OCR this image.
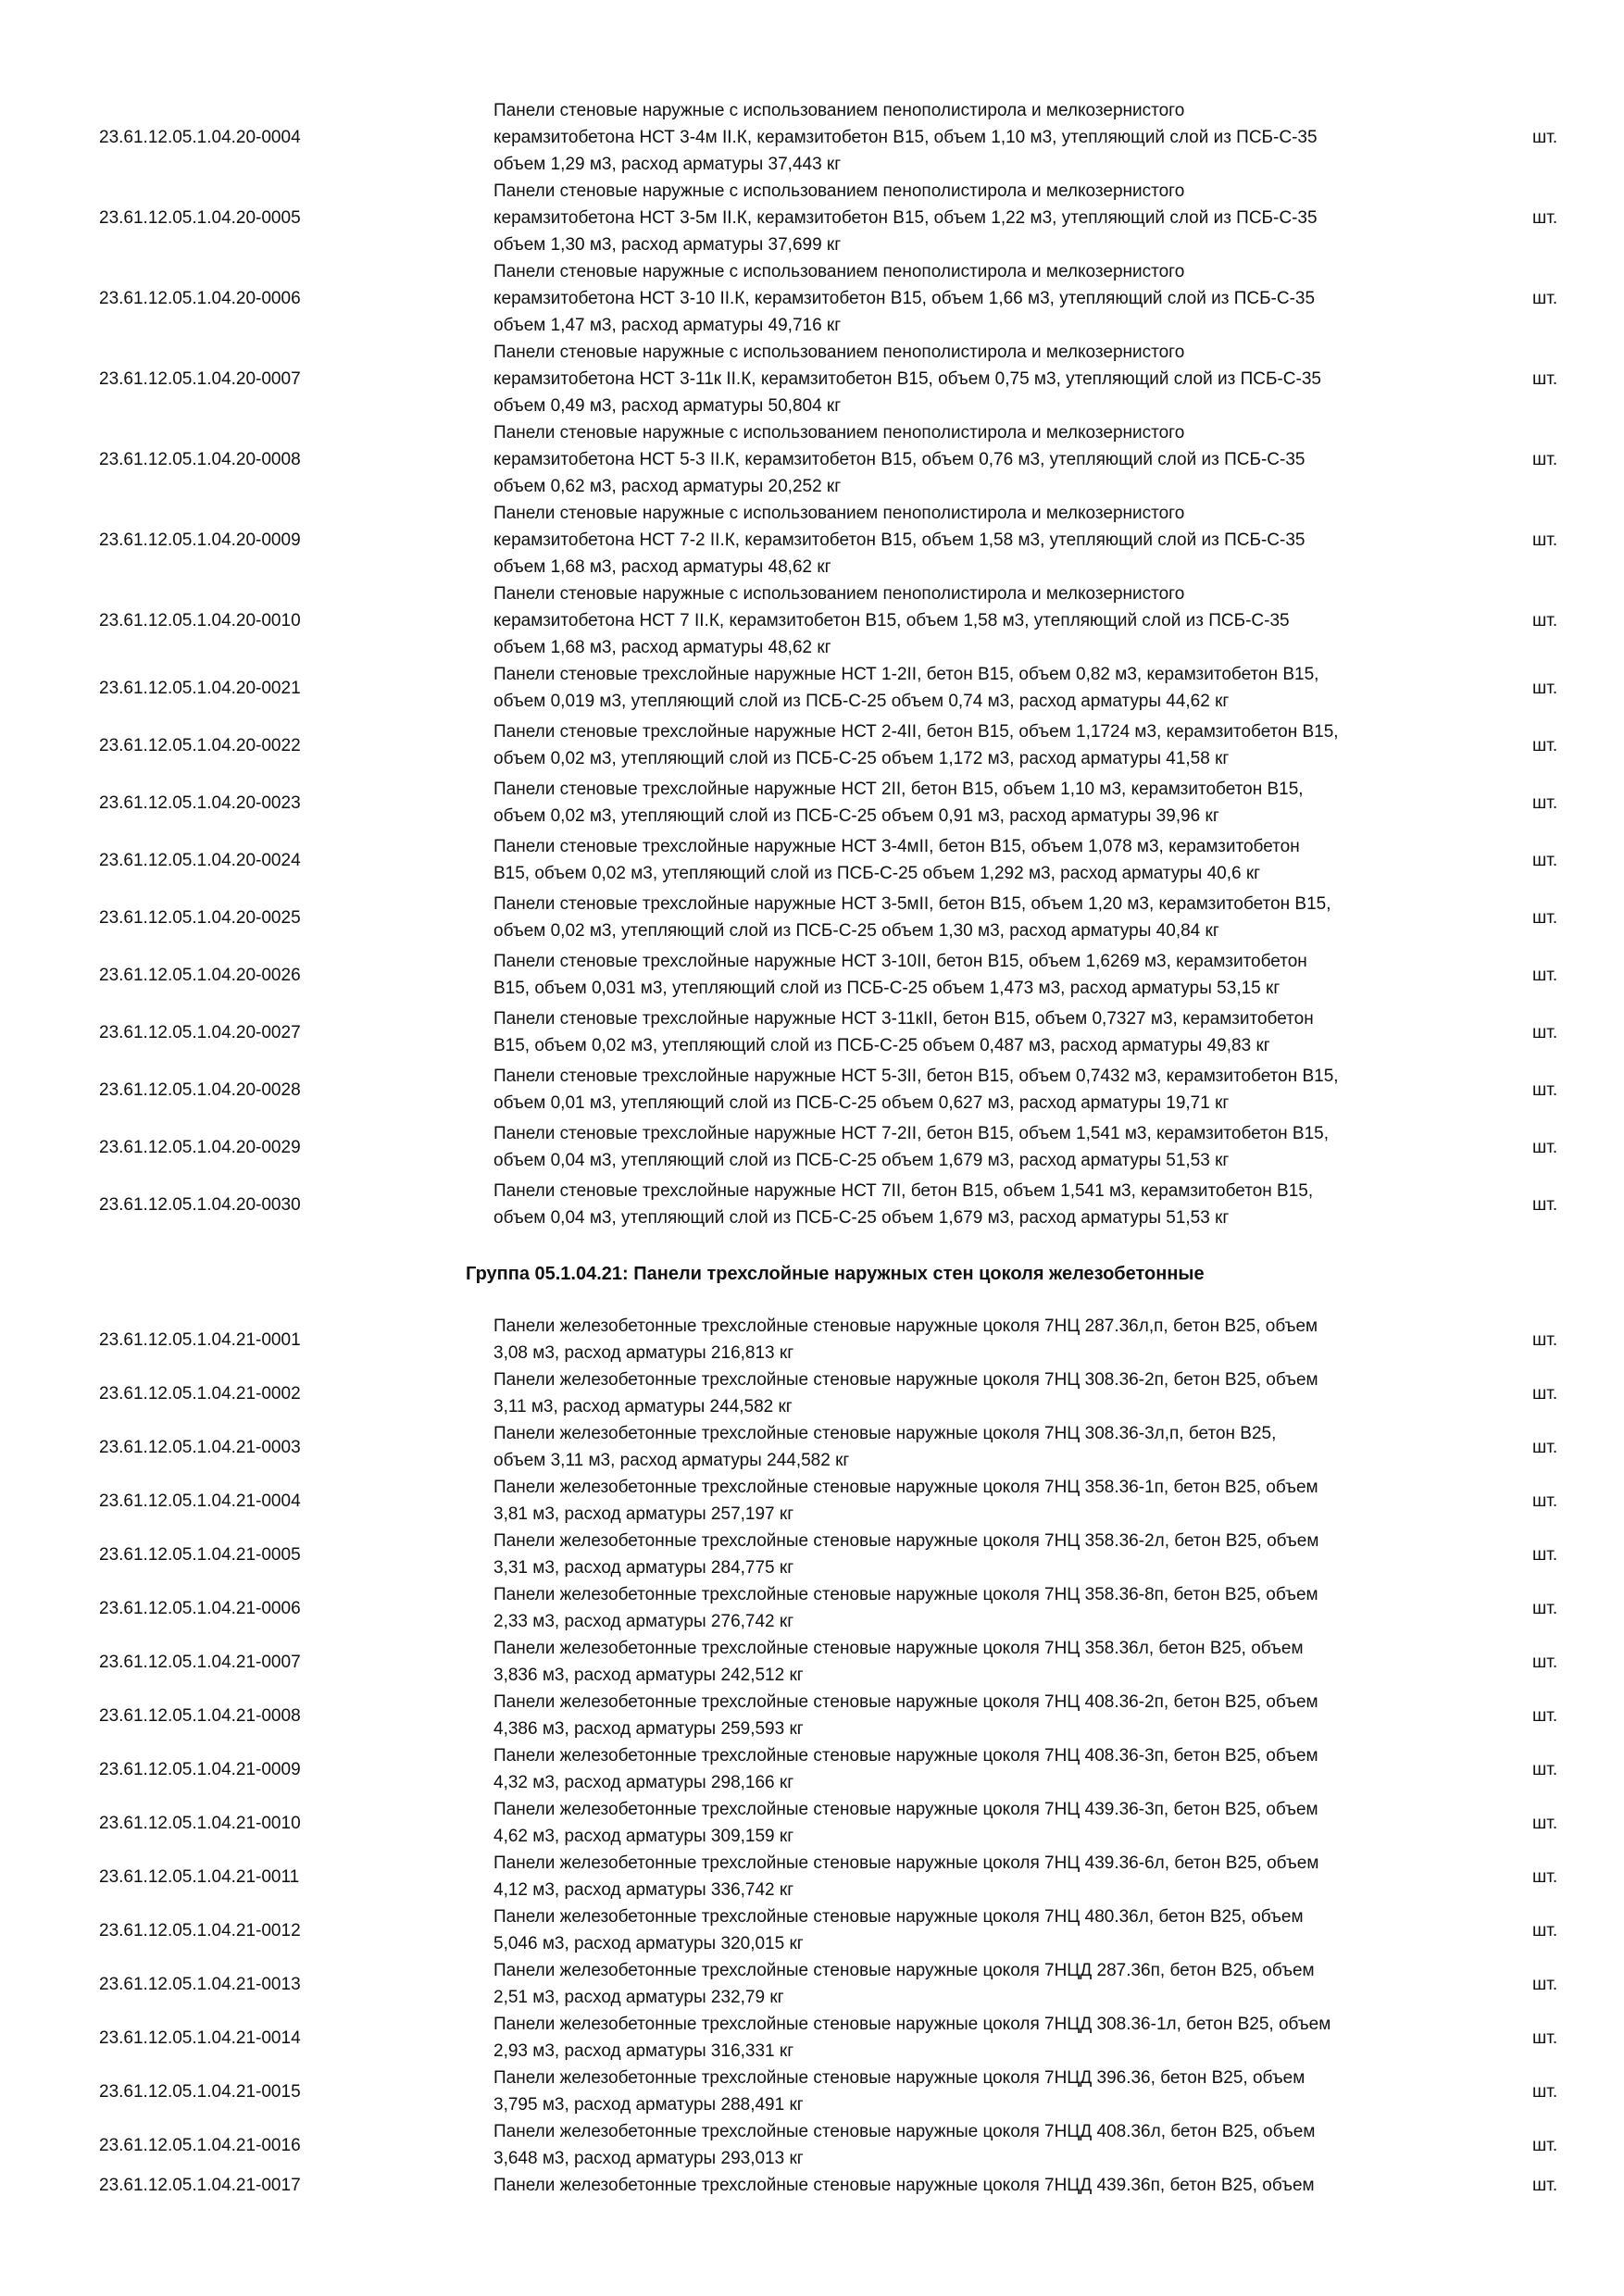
23.61.12.05.1.04.20-0004
Панели стеновые наружные с использованием пенополистирола и мелкозернистого
керамзитобетона НСТ 3-4м II.К, керамзитобетон В15, объем 1,10 м3, утепляющий слой из ПСБ-С-35
объем 1,29 м3, расход арматуры 37,443 кг
шт.
23.61.12.05.1.04.20-0005
Панели стеновые наружные с использованием пенополистирола и мелкозернистого
керамзитобетона НСТ 3-5м II.К, керамзитобетон В15, объем 1,22 м3, утепляющий слой из ПСБ-С-35
объем 1,30 м3, расход арматуры 37,699 кг
шт.
23.61.12.05.1.04.20-0006
Панели стеновые наружные с использованием пенополистирола и мелкозернистого
керамзитобетона НСТ 3-10 II.К, керамзитобетон В15, объем 1,66 м3, утепляющий слой из ПСБ-С-35
объем 1,47 м3, расход арматуры 49,716 кг
шт.
23.61.12.05.1.04.20-0007
Панели стеновые наружные с использованием пенополистирола и мелкозернистого
керамзитобетона НСТ 3-11к II.К, керамзитобетон В15, объем 0,75 м3, утепляющий слой из ПСБ-С-35
объем 0,49 м3, расход арматуры 50,804 кг
шт.
23.61.12.05.1.04.20-0008
Панели стеновые наружные с использованием пенополистирола и мелкозернистого
керамзитобетона НСТ 5-3 II.К, керамзитобетон В15, объем 0,76 м3, утепляющий слой из ПСБ-С-35
объем 0,62 м3, расход арматуры 20,252 кг
шт.
23.61.12.05.1.04.20-0009
Панели стеновые наружные с использованием пенополистирола и мелкозернистого
керамзитобетона НСТ 7-2 II.К, керамзитобетон В15, объем 1,58 м3, утепляющий слой из ПСБ-С-35
объем 1,68 м3, расход арматуры 48,62 кг
шт.
23.61.12.05.1.04.20-0010
Панели стеновые наружные с использованием пенополистирола и мелкозернистого
керамзитобетона НСТ 7 II.К, керамзитобетон В15, объем 1,58 м3, утепляющий слой из ПСБ-С-35
объем 1,68 м3, расход арматуры 48,62 кг
шт.
23.61.12.05.1.04.20-0021
Панели стеновые трехслойные наружные НСТ 1-2II, бетон В15, объем 0,82 м3, керамзитобетон В15,
объем 0,019 м3, утепляющий слой из ПСБ-С-25 объем 0,74 м3, расход арматуры 44,62 кг
шт.
23.61.12.05.1.04.20-0022
Панели стеновые трехслойные наружные НСТ 2-4II, бетон В15, объем 1,1724 м3, керамзитобетон В15,
объем 0,02 м3, утепляющий слой из ПСБ-С-25 объем 1,172 м3, расход арматуры 41,58 кг
шт.
23.61.12.05.1.04.20-0023
Панели стеновые трехслойные наружные НСТ 2II, бетон В15, объем 1,10 м3, керамзитобетон В15,
объем 0,02 м3, утепляющий слой из ПСБ-С-25 объем 0,91 м3, расход арматуры 39,96 кг
шт.
23.61.12.05.1.04.20-0024
Панели стеновые трехслойные наружные НСТ 3-4мII, бетон В15, объем 1,078 м3, керамзитобетон
В15, объем 0,02 м3, утепляющий слой из ПСБ-С-25 объем 1,292 м3, расход арматуры 40,6 кг
шт.
23.61.12.05.1.04.20-0025
Панели стеновые трехслойные наружные НСТ 3-5мII, бетон В15, объем 1,20 м3, керамзитобетон В15,
объем 0,02 м3, утепляющий слой из ПСБ-С-25 объем 1,30 м3, расход арматуры 40,84 кг
шт.
23.61.12.05.1.04.20-0026
Панели стеновые трехслойные наружные НСТ 3-10II, бетон В15, объем 1,6269 м3, керамзитобетон
В15, объем 0,031 м3, утепляющий слой из ПСБ-С-25 объем 1,473 м3, расход арматуры 53,15 кг
шт.
23.61.12.05.1.04.20-0027
Панели стеновые трехслойные наружные НСТ 3-11кII, бетон В15, объем 0,7327 м3, керамзитобетон
В15, объем 0,02 м3, утепляющий слой из ПСБ-С-25 объем 0,487 м3, расход арматуры 49,83 кг
шт.
23.61.12.05.1.04.20-0028
Панели стеновые трехслойные наружные НСТ 5-3II, бетон В15, объем 0,7432 м3, керамзитобетон В15,
объем 0,01 м3, утепляющий слой из ПСБ-С-25 объем 0,627 м3, расход арматуры 19,71 кг
шт.
23.61.12.05.1.04.20-0029
Панели стеновые трехслойные наружные НСТ 7-2II, бетон В15, объем 1,541 м3, керамзитобетон В15,
объем 0,04 м3, утепляющий слой из ПСБ-С-25 объем 1,679 м3, расход арматуры 51,53 кг
шт.
23.61.12.05.1.04.20-0030
Панели стеновые трехслойные наружные НСТ 7II, бетон В15, объем 1,541 м3, керамзитобетон В15,
объем 0,04 м3, утепляющий слой из ПСБ-С-25 объем 1,679 м3, расход арматуры 51,53 кг
шт.
Группа 05.1.04.21: Панели трехслойные наружных стен цоколя железобетонные
23.61.12.05.1.04.21-0001
Панели железобетонные трехслойные стеновые наружные цоколя 7НЦ 287.36л,п, бетон В25, объем
3,08 м3, расход арматуры 216,813 кг
шт.
23.61.12.05.1.04.21-0002
Панели железобетонные трехслойные стеновые наружные цоколя 7НЦ 308.36-2п, бетон В25, объем
3,11 м3, расход арматуры 244,582 кг
шт.
23.61.12.05.1.04.21-0003
Панели железобетонные трехслойные стеновые наружные цоколя 7НЦ 308.36-3л,п, бетон В25,
объем 3,11 м3, расход арматуры 244,582 кг
шт.
23.61.12.05.1.04.21-0004
Панели железобетонные трехслойные стеновые наружные цоколя 7НЦ 358.36-1п, бетон В25, объем
3,81 м3, расход арматуры 257,197 кг
шт.
23.61.12.05.1.04.21-0005
Панели железобетонные трехслойные стеновые наружные цоколя 7НЦ 358.36-2л, бетон В25, объем
3,31 м3, расход арматуры 284,775 кг
шт.
23.61.12.05.1.04.21-0006
Панели железобетонные трехслойные стеновые наружные цоколя 7НЦ 358.36-8п, бетон В25, объем
2,33 м3, расход арматуры 276,742 кг
шт.
23.61.12.05.1.04.21-0007
Панели железобетонные трехслойные стеновые наружные цоколя 7НЦ 358.36л, бетон В25, объем
3,836 м3, расход арматуры 242,512 кг
шт.
23.61.12.05.1.04.21-0008
Панели железобетонные трехслойные стеновые наружные цоколя 7НЦ 408.36-2п, бетон В25, объем
4,386 м3, расход арматуры 259,593 кг
шт.
23.61.12.05.1.04.21-0009
Панели железобетонные трехслойные стеновые наружные цоколя 7НЦ 408.36-3п, бетон В25, объем
4,32 м3, расход арматуры 298,166 кг
шт.
23.61.12.05.1.04.21-0010
Панели железобетонные трехслойные стеновые наружные цоколя 7НЦ 439.36-3п, бетон В25, объем
4,62 м3, расход арматуры 309,159 кг
шт.
23.61.12.05.1.04.21-0011
Панели железобетонные трехслойные стеновые наружные цоколя 7НЦ 439.36-6л, бетон В25, объем
4,12 м3, расход арматуры 336,742 кг
шт.
23.61.12.05.1.04.21-0012
Панели железобетонные трехслойные стеновые наружные цоколя 7НЦ 480.36л, бетон В25, объем
5,046 м3, расход арматуры 320,015 кг
шт.
23.61.12.05.1.04.21-0013
Панели железобетонные трехслойные стеновые наружные цоколя 7НЦД 287.36п, бетон В25, объем
2,51 м3, расход арматуры 232,79 кг
шт.
23.61.12.05.1.04.21-0014
Панели железобетонные трехслойные стеновые наружные цоколя 7НЦД 308.36-1л, бетон В25, объем
2,93 м3, расход арматуры 316,331 кг
шт.
23.61.12.05.1.04.21-0015
Панели железобетонные трехслойные стеновые наружные цоколя 7НЦД 396.36, бетон В25, объем
3,795 м3, расход арматуры 288,491 кг
шт.
23.61.12.05.1.04.21-0016
Панели железобетонные трехслойные стеновые наружные цоколя 7НЦД 408.36л, бетон В25, объем
3,648 м3, расход арматуры 293,013 кг
шт.
23.61.12.05.1.04.21-0017	Панели железобетонные трехслойные стеновые наружные цоколя 7НЦД 439.36п, бетон В25, объем	шт.
